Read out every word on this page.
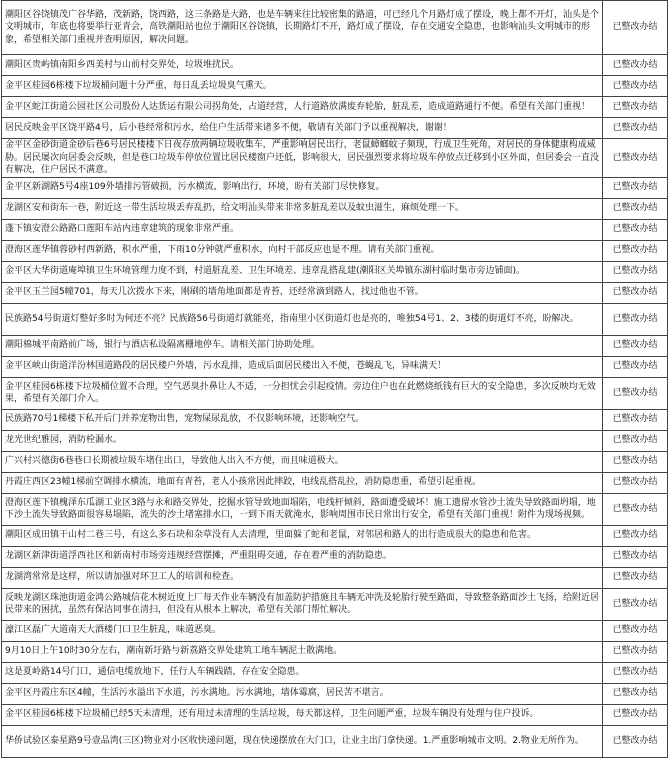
潮阳区谷饶镇茂广谷华路，茂新路，饶西路，这三条路是大路，也是车辆来往比较密集的路道，可已经几个月路灯成了摆设，晚上都不开灯，汕头是个文明城市，年底也将要举行亚青会，高铁潮阳站也位于潮阳区谷饶镇，长期路灯不开，路灯成了摆设，存在交通安全隐患，也影响汕头文明城市的形象，希望相关部门重视并查明原因，解决问题。	已整改办结
潮阳区贵屿镇南阳乡西美村与山前村交界处，垃圾堆扰民。	已整改办结
金平区桂园6栋楼下垃圾桶问题十分严重，每日乱丢垃圾臭气熏天。	已整改办结
金平区蛇江街道公园社区公司股份人达货运有限公司拐角处，占道经营，人行道路放满废弃轮胎，脏乱差，造成道路通行不便。希望有关部门重视！	已整改办结
居民反映金平区饶平路4号，后小巷经常积污水，给住户生活带来诸多不便，敬请有关部门予以重视解决，谢谢！	已整改办结
金平区金砂街道金砂后巷6号居民楼楼下日夜存放两辆垃圾收集车，严重影响居民出行，老鼠蟑螂蚊子频现，行成卫生死角，对居民的身体健康构成威胁。居民屡次向居委会反映，但是巷口垃圾车停放位置比居民楼窗户还低，影响很大，居民强烈要求将垃圾车停放点迁移到小区外面，但居委会一直没有解决，住户居民不满意。	已整改办结
金平区新湖路5号4座109外墙排污管破损，污水横流，影响出行，环境，盼有关部门尽快修复。	已整改办结
龙湖区安和街东一巷，附近这一带生活垃圾丢弃乱扔，给文明汕头带来非常多脏乱差以及蚊虫滋生，麻烦处理一下。	已整改办结
蓬下镇安澄公路路口莲阳车站内违章建筑的现象非常严重。	已整改办结
澄海区莲华镇蓉砂村西新路，积水严重，下雨10分钟就严重积水，向村干部反应也是不理。请有关部门重视。	已整改办结
金平区大华街道庵埠镇卫生环境管理力度不到，村道脏乱差、卫生环境差、违章乱搭乱建(潮阳区关埠镇东湖村临时集市旁边铺面)。	已整改办结
金平区玉兰园5幢701，每天几次拨水下来，刚刷的墙角地面都是青苔，还经常滴到路人，找过他也不管。	已整改办结
民族路54号街道灯整好多时为何还不亮？民族路56号街道灯就能亮，指南里小区街道灯也是亮的，唯独54号1、2、3楼的街道灯不亮，盼解决。	已整改办结
潮阳棉城平南路前广场，银行与酒店私设隔离栅地停车。请相关部门协助处理。	已整改办结
金平区峡山街道洋汾林国道路段的居民楼户外墙，污水乱排，造成后面居民楼出入不便，苍蝇乱飞，异味满天！	已整改办结
金平区桂园6栋楼下垃圾桶位置不合理，空气恶臭扑鼻让人不适，一分担忧会引起疫情。旁边住户也在此燃烧纸钱有巨大的安全隐患，多次反映均无效果，希望有关部门介入。	已整改办结
民族路70号1梯楼下私开后门并养宠物出售，宠物屎尿乱放，不仅影响环境，还影响空气。	已整改办结
龙光世纪雅园，消防栓漏水。	已整改办结
广兴村兴德街6巷巷口长期被垃圾车堵住出口，导致他人出入不方便，而且味道极大。	已整改办结
丹霞庄西区23幢1梯前空调排水横流，地面有青苔，老人小孩常因此摔跤，电线乱搭乱拉，消防隐患重，希望引起重视。	已整改办结
澄海区莲下镇槐泽东瓜湖工业区3路与永和路交界处，挖掘水管导致地面塌陷，电线杆倾斜，路面遭受破坏！施工遗留水管沙土流失导致路面坍塌，地下沙土流失导致路面很容易塌陷，流失的沙土堵塞排水口，一到下雨天就淹水，影响周围市民日常出行安全，希望有关部门重视！附件为现场视频。	已整改办结
潮阳区成田镇干山村二巷三号，有这么多石块和杂草没有人去清理，里面躲了蛇和老鼠，对邻居和路人的出行造成很大的隐患和危害。	已整改办结
龙湖区新津街道浮西社区和新南村市场旁违规经营摆摊，严重阻碍交通，存在着严重的消防隐患。	已整改办结
龙湖湾常常是这样，所以请加强对环卫工人的培训和检查。	已整改办结
反映龙湖区珠池街道金鸿公路城信花木树近度上厂每天作业车辆没有加盖防护措施且车辆无冲洗及轮胎行驶至路面，导致整条路面沙土飞扬，给附近居民带来的困扰，虽然有保洁同事在清扫，但没有从根本上解决，希望有关部门帮忙解决。	已整改办结
濠江区磊广大道南天大酒楼门口卫生脏乱，味道恶臭。	已整改办结
9月10日上午10时30分左右，潮南新圩路与新荔路交界处建筑工地车辆泥土散满地。	已整改办结
这是夏岭路14号门口，通信电缆放地下，任行人车辆践踏，存在安全隐患。	已整改办结
金平区丹霞庄东区4幢，生活污水溢出下水道，污水满地。污水满地，墙体霉腐，居民苦不堪言。	已整改办结
金平区桂园6栋楼下垃圾桶已经5天未清理，还有用过未清理的生活垃圾，每天都这样，卫生问题严重，垃圾车辆没有处理与住户投诉。	已整改办结
华侨试验区泰星路9号壹品湾(三区)物业对小区收快递问题，现在快递摆放在大门口，让业主出门拿快递。1.严重影响城市文明。2.物业无所作为。	已整改办结
